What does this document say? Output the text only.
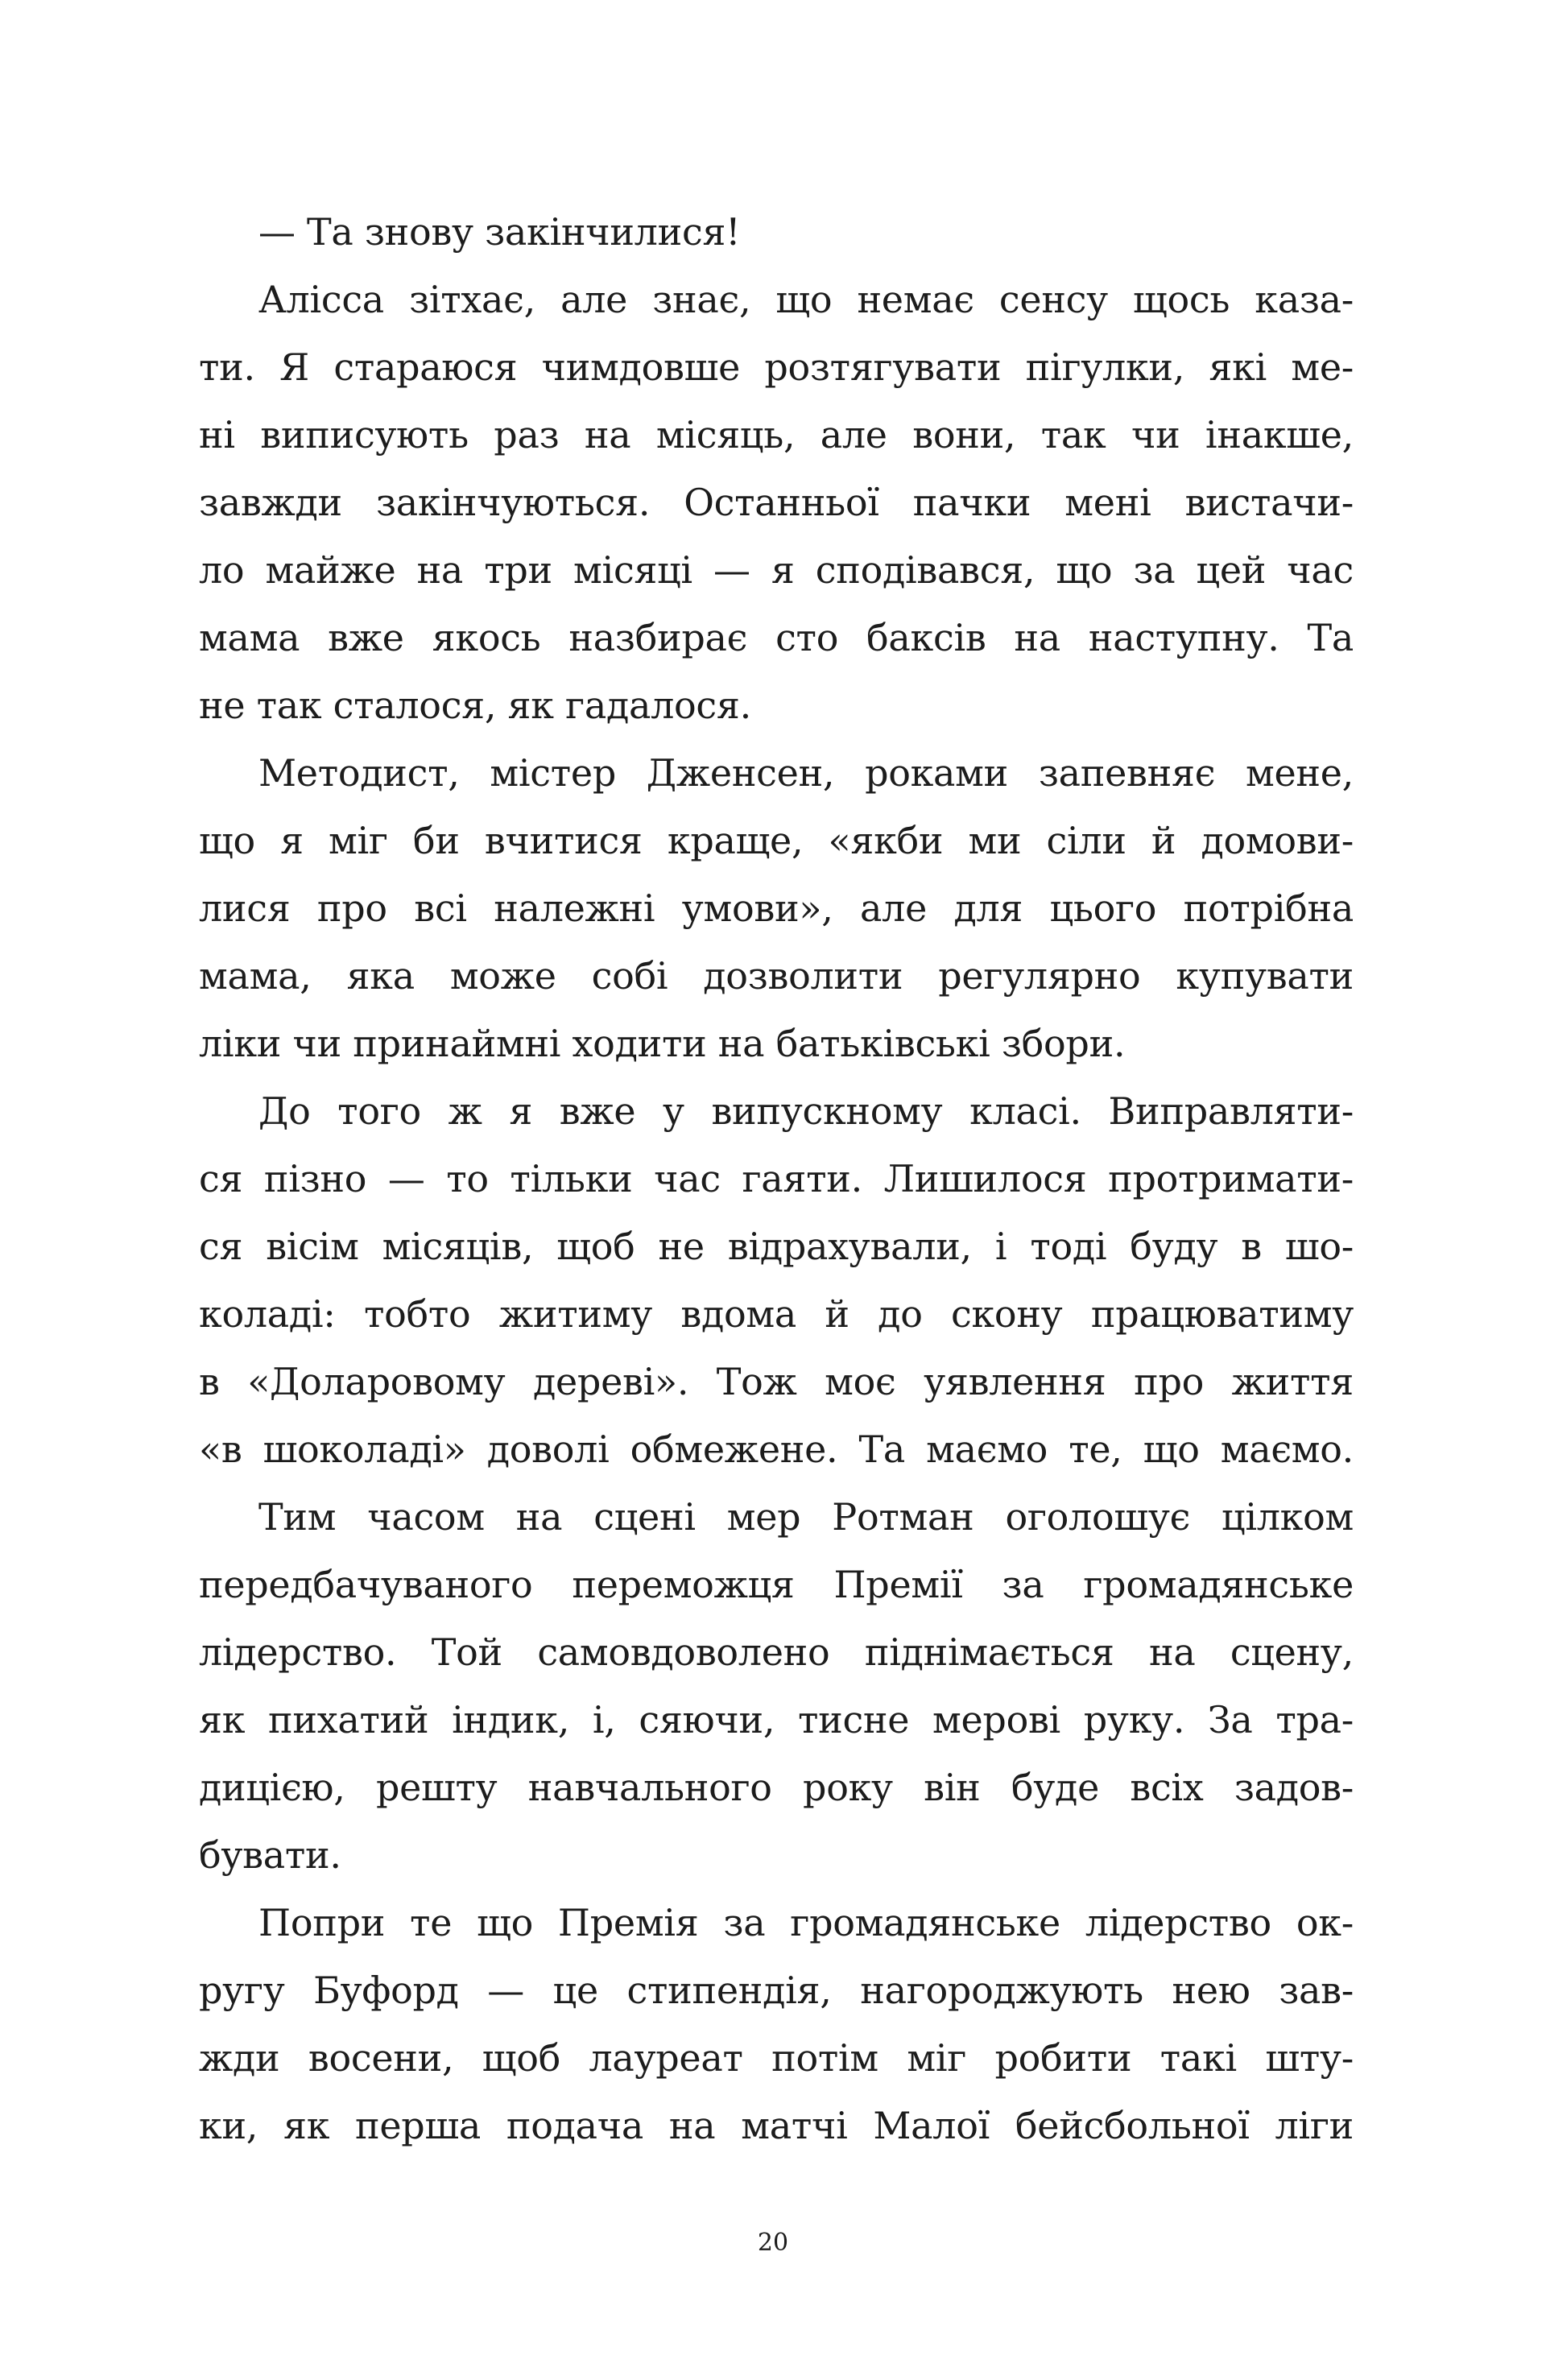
— Та знову закінчилися!
Алісса зітхає, але знає, що немає сенсу щось каза-
ти. Я стараюся чимдовше розтягувати пігулки, які ме-
ні виписують раз на місяць, але вони, так чи інакше,
завжди закінчуються. Останньої пачки мені вистачи-
ло майже на три місяці — я сподівався, що за цей час
мама вже якось назбирає сто баксів на наступну. Та
не так сталося, як гадалося.
Методист, містер Дженсен, роками запевняє мене,
що я міг би вчитися краще, «якби ми сіли й домови-
лися про всі належні умови», але для цього потрібна
мама, яка може собі дозволити регулярно купувати
ліки чи принаймні ходити на батьківські збори.
До того ж я вже у випускному класі. Виправляти-
ся пізно — то тільки час гаяти. Лишилося протримати-
ся вісім місяців, щоб не відрахували, і тоді буду в шо-
коладі: тобто житиму вдома й до скону працюватиму
в «Доларовому дереві». Тож моє уявлення про життя
«в шоколаді» доволі обмежене. Та маємо те, що маємо.
Тим часом на сцені мер Ротман оголошує цілком
передбачуваного переможця Премії за громадянське
лідерство. Той самовдоволено піднімається на сцену,
як пихатий індик, і, сяючи, тисне мерові руку. За тра-
дицією, решту навчального року він буде всіх задов-
бувати.
Попри те що Премія за громадянське лідерство ок-
ругу Буфорд — це стипендія, нагороджують нею зав-
жди восени, щоб лауреат потім міг робити такі шту-
ки, як перша подача на матчі Малої бейсбольної ліги
20
